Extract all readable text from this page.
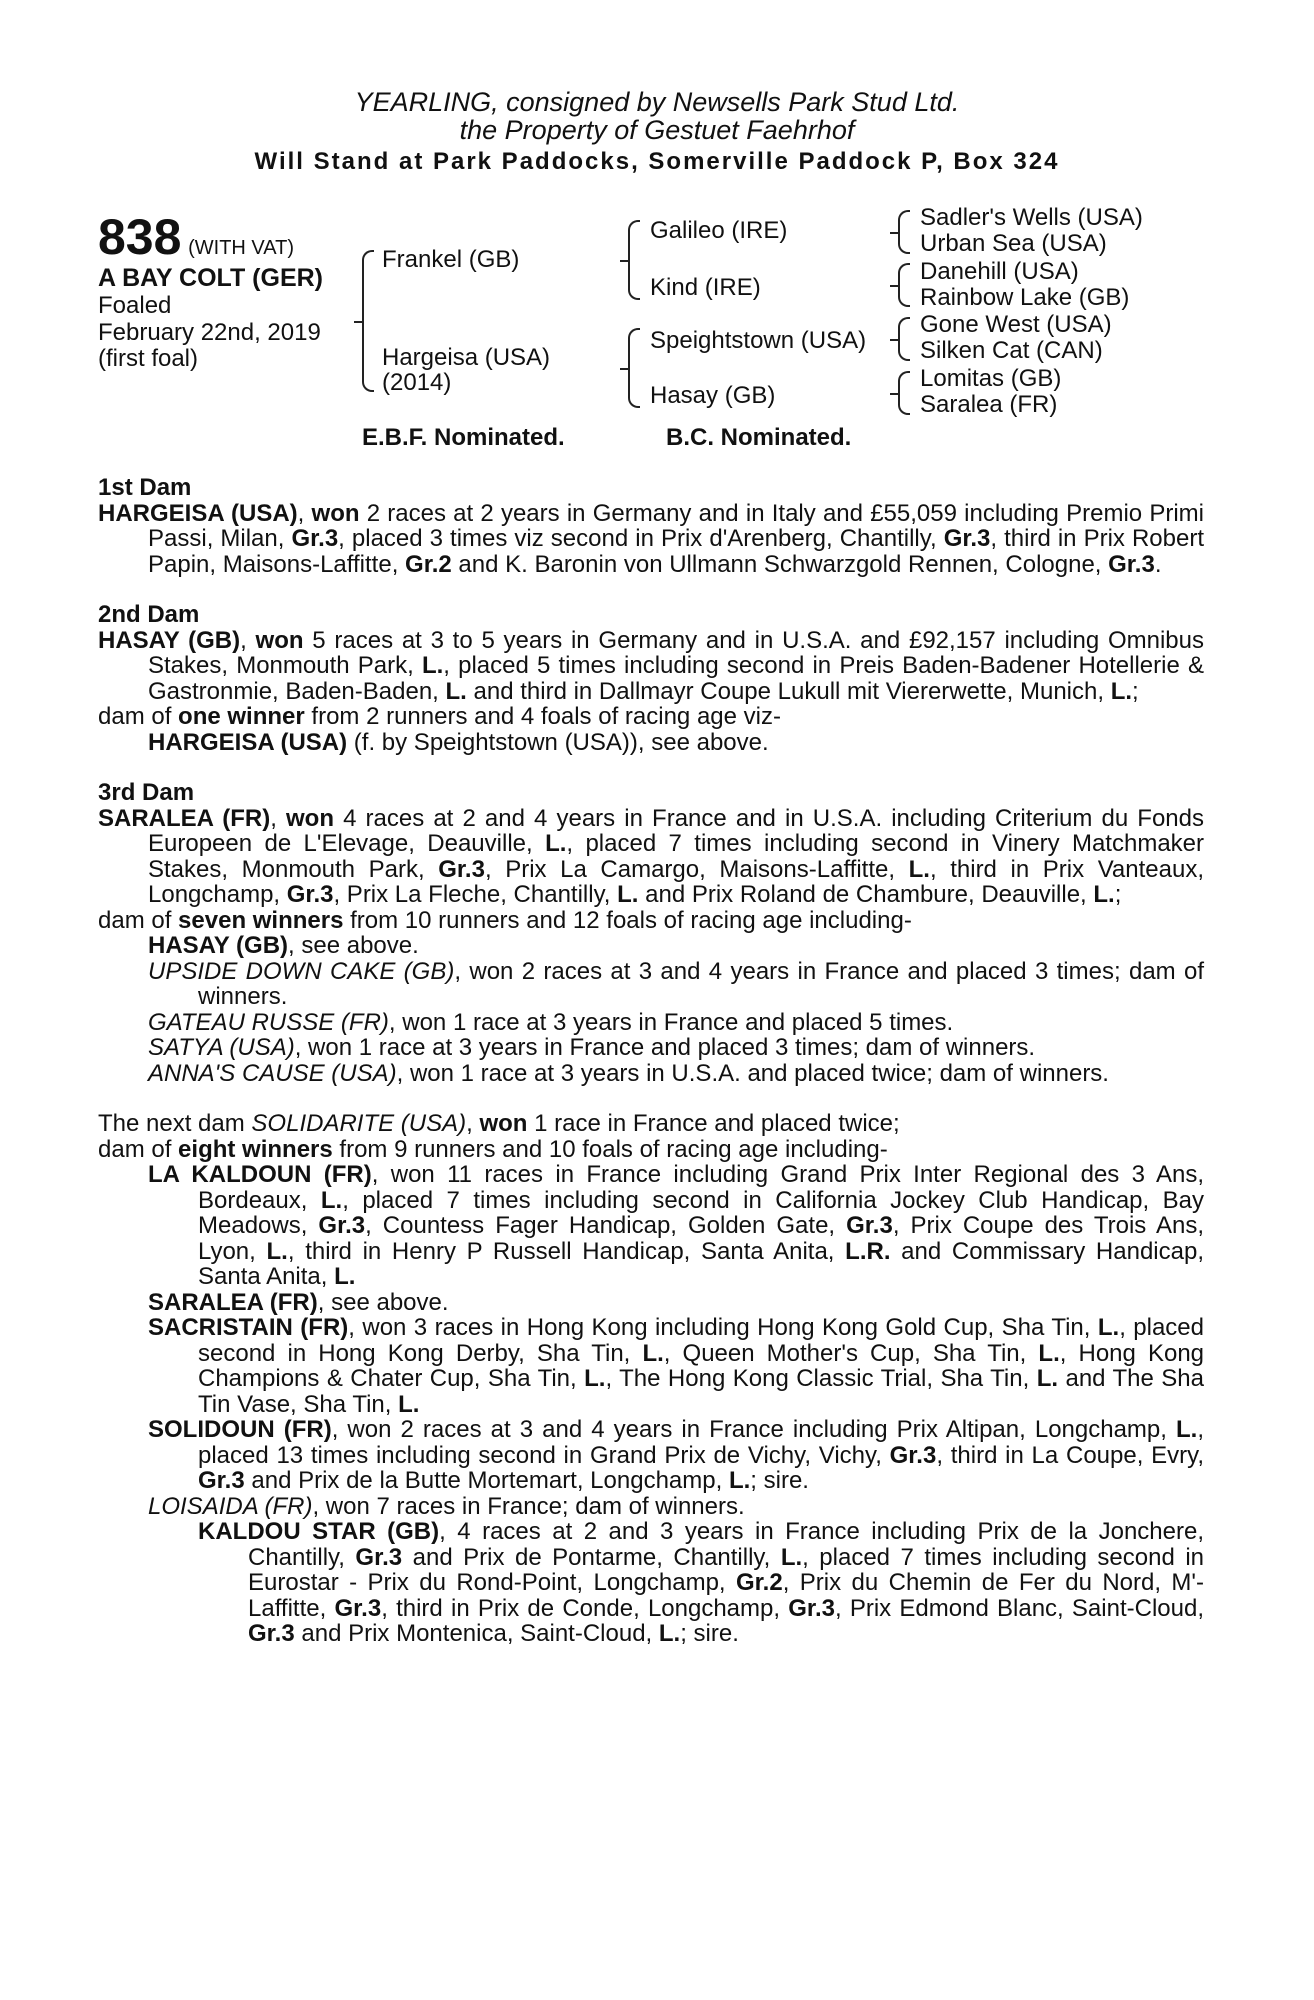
YEARLING, consigned by Newsells Park Stud Ltd.
the Property of Gestuet Faehrhof
Will Stand at Park Paddocks, Somerville Paddock P, Box 324
838 (WITH VAT)
A BAY COLT (GER)
Foaled
February 22nd, 2019
(first foal)
Frankel (GB)
Hargeisa (USA)
(2014)
Galileo (IRE)
Kind (IRE)
Speightstown (USA)
Hasay (GB)
Sadler's Wells (USA)
Urban Sea (USA)
Danehill (USA)
Rainbow Lake (GB)
Gone West (USA)
Silken Cat (CAN)
Lomitas (GB)
Saralea (FR)
E.B.F. Nominated.	B.C. Nominated.

1st Dam

HARGEISA (USA), won 2 races at 2 years in Germany and in Italy and £55,059 including Premio Primi Passi, Milan, Gr.3, placed 3 times viz second in Prix d'Arenberg, Chantilly, Gr.3, third in Prix Robert Papin, Maisons-Laffitte, Gr.2 and K. Baronin von Ullmann Schwarzgold Rennen, Cologne, Gr.3.

2nd Dam

HASAY (GB), won 5 races at 3 to 5 years in Germany and in U.S.A. and £92,157 including Omnibus Stakes, Monmouth Park, L., placed 5 times including second in Preis Baden-Badener Hotellerie & Gastronmie, Baden-Baden, L. and third in Dallmayr Coupe Lukull mit Viererwette, Munich, L.;

dam of one winner from 2 runners and 4 foals of racing age viz-

HARGEISA (USA) (f. by Speightstown (USA)), see above.

3rd Dam

SARALEA (FR), won 4 races at 2 and 4 years in France and in U.S.A. including Criterium du Fonds Europeen de L'Elevage, Deauville, L., placed 7 times including second in Vinery Matchmaker Stakes, Monmouth Park, Gr.3, Prix La Camargo, Maisons-Laffitte, L., third in Prix Vanteaux, Longchamp, Gr.3, Prix La Fleche, Chantilly, L. and Prix Roland de Chambure, Deauville, L.;

dam of seven winners from 10 runners and 12 foals of racing age including-

HASAY (GB), see above.

UPSIDE DOWN CAKE (GB), won 2 races at 3 and 4 years in France and placed 3 times; dam of winners.

GATEAU RUSSE (FR), won 1 race at 3 years in France and placed 5 times.

SATYA (USA), won 1 race at 3 years in France and placed 3 times; dam of winners.

ANNA'S CAUSE (USA), won 1 race at 3 years in U.S.A. and placed twice; dam of winners.

The next dam SOLIDARITE (USA), won 1 race in France and placed twice;

dam of eight winners from 9 runners and 10 foals of racing age including-

LA KALDOUN (FR), won 11 races in France including Grand Prix Inter Regional des 3 Ans, Bordeaux, L., placed 7 times including second in California Jockey Club Handicap, Bay Meadows, Gr.3, Countess Fager Handicap, Golden Gate, Gr.3, Prix Coupe des Trois Ans, Lyon, L., third in Henry P Russell Handicap, Santa Anita, L.R. and Commissary Handicap, Santa Anita, L.

SARALEA (FR), see above.

SACRISTAIN (FR), won 3 races in Hong Kong including Hong Kong Gold Cup, Sha Tin, L., placed second in Hong Kong Derby, Sha Tin, L., Queen Mother's Cup, Sha Tin, L., Hong Kong Champions & Chater Cup, Sha Tin, L., The Hong Kong Classic Trial, Sha Tin, L. and The Sha Tin Vase, Sha Tin, L.

SOLIDOUN (FR), won 2 races at 3 and 4 years in France including Prix Altipan, Longchamp, L., placed 13 times including second in Grand Prix de Vichy, Vichy, Gr.3, third in La Coupe, Evry, Gr.3 and Prix de la Butte Mortemart, Longchamp, L.; sire.

LOISAIDA (FR), won 7 races in France; dam of winners.

KALDOU STAR (GB), 4 races at 2 and 3 years in France including Prix de la Jonchere, Chantilly, Gr.3 and Prix de Pontarme, Chantilly, L., placed 7 times including second in Eurostar - Prix du Rond-Point, Longchamp, Gr.2, Prix du Chemin de Fer du Nord, M'-Laffitte, Gr.3, third in Prix de Conde, Longchamp, Gr.3, Prix Edmond Blanc, Saint-Cloud, Gr.3 and Prix Montenica, Saint-Cloud, L.; sire.
